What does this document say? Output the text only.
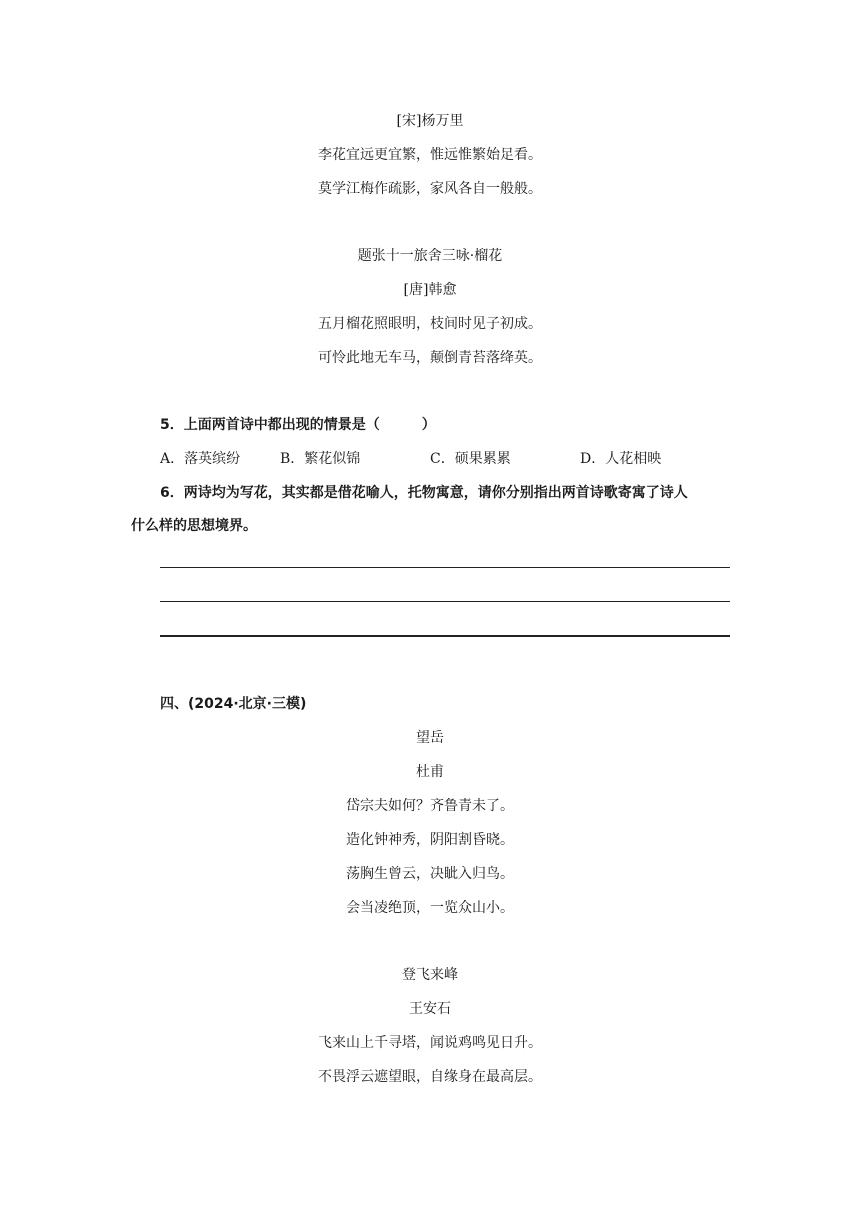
[宋]杨万里
李花宜远更宜繁，惟远惟繁始足看。
莫学江梅作疏影，家风各自一般般。
题张十一旅舍三咏·榴花
[唐]韩愈
五月榴花照眼明，枝间时见子初成。
可怜此地无车马，颠倒青苔落绛英。
5．上面两首诗中都出现的情景是（　　　）
A．落英缤纷	B．繁花似锦	C．硕果累累	D．人花相映
6．两诗均为写花，其实都是借花喻人，托物寓意，请你分别指出两首诗歌寄寓了诗人
什么样的思想境界。
四、(2024·北京·三模)
望岳
杜甫
岱宗夫如何？齐鲁青未了。
造化钟神秀，阴阳割昏晓。
荡胸生曾云，决眦入归鸟。
会当凌绝顶，一览众山小。
登飞来峰
王安石
飞来山上千寻塔，闻说鸡鸣见日升。
不畏浮云遮望眼，自缘身在最高层。
